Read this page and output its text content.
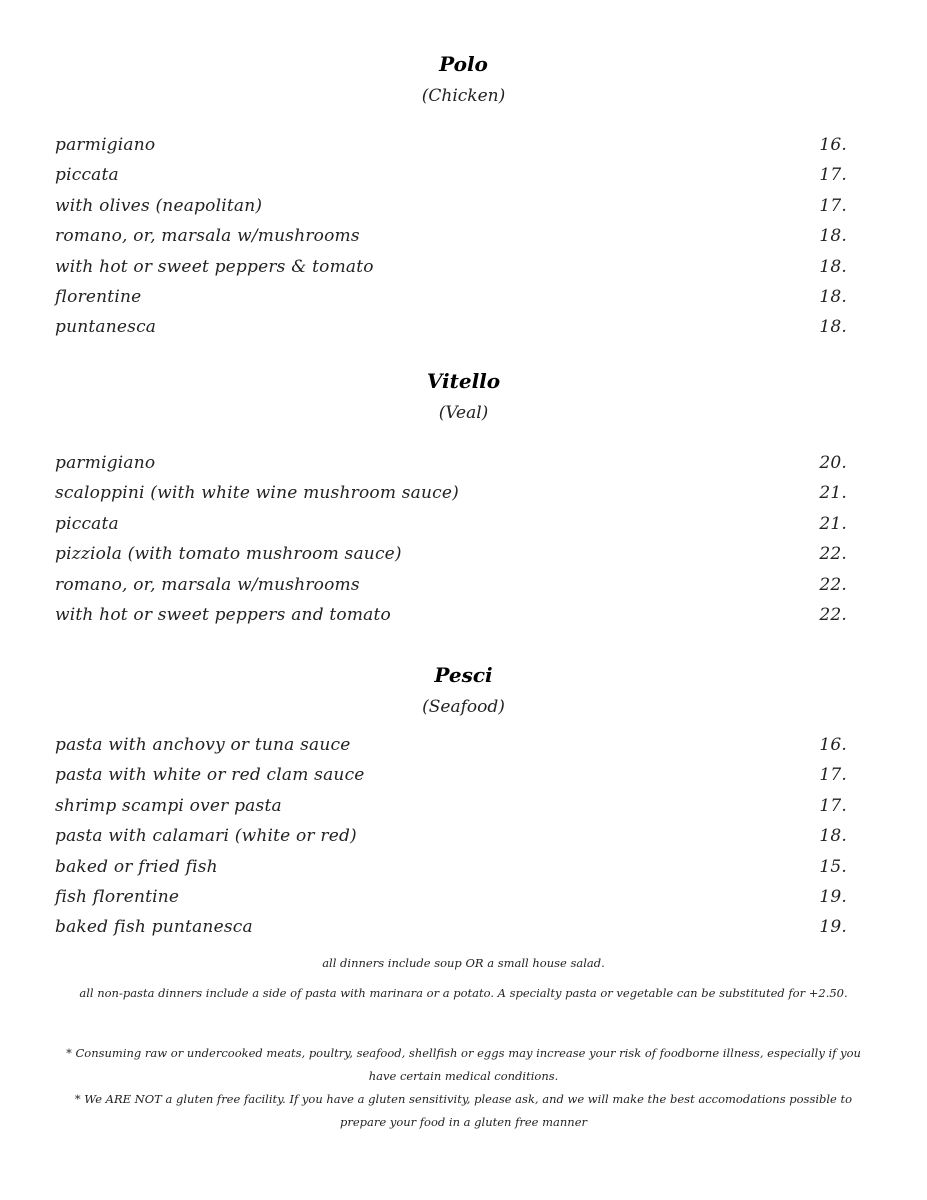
Polo
(Chicken)
parmigiano	16.
piccata	17.
with olives (neapolitan)	17.
romano, or, marsala w/mushrooms	18.
with hot or sweet peppers & tomato	18.
florentine	18.
puntanesca	18.
Vitello
(Veal)
parmigiano	20.
scaloppini (with white wine mushroom sauce)	21.
piccata	21.
pizziola (with tomato mushroom sauce)	22.
romano, or, marsala w/mushrooms	22.
with hot or sweet peppers and tomato	22.
Pesci
(Seafood)
pasta with anchovy or tuna sauce	16.
pasta with white or red clam sauce	17.
shrimp scampi over pasta	17.
pasta with calamari (white or red)	18.
baked or fried fish	15.
fish florentine	19.
baked fish puntanesca	19.
all dinners include soup OR a small house salad.
all non-pasta dinners include a side of pasta with marinara or a potato. A specialty pasta or vegetable can be substituted for +2.50.

* Consuming raw or undercooked meats, poultry, seafood, shellfish or eggs may increase your risk of foodborne illness, especially if you have certain medical conditions.

* We ARE NOT a gluten free facility. If you have a gluten sensitivity, please ask, and we will make the best accomodations possible to prepare your food in a gluten free manner
